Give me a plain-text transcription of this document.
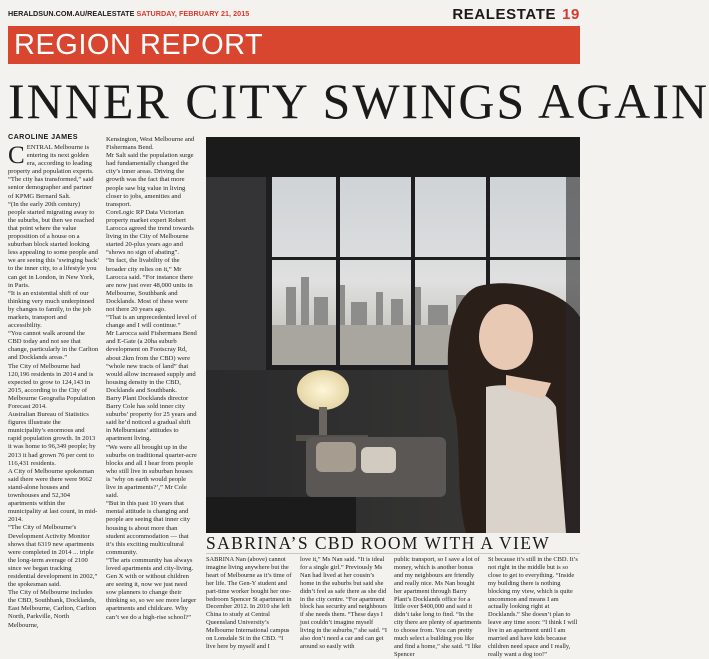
HERALDSUN.COM.AU/REALESTATE SATURDAY, FEBRUARY 21, 2015	REALESTATE 19
REGION REPORT
INNER CITY SWINGS AGAIN
CAROLINE JAMES

CENTRAL Melbourne is entering its next golden era, according to leading property and population experts.

“The city has transformed,” said senior demographer and partner of KPMG Bernard Salt.

“(In the early 20th century) people started migrating away to the suburbs, but then we reached that point where the value proposition of a house on a suburban block started looking less appealing to some people and we are seeing this ‘swinging back’ to the inner city, to a lifestyle you can get in London, in New York, in Paris.

“It is an existential shift of our thinking very much underpinned by changes to family, to the job markets, transport and accessibility.

“You cannot walk around the CBD today and not see that change, particularly in the Carlton and Docklands areas.”

The City of Melbourne had 120,196 residents in 2014 and is expected to grow to 124,143 in 2015, according to the City of Melbourne Geografia Population Forecast 2014.

Australian Bureau of Statistics figures illustrate the municipality’s enormous and rapid population growth. In 2013 it was home to 96,349 people; by 2013 it had grown 76 per cent to 116,431 residents.

A City of Melbourne spokesman said there were there were 9662 stand-alone houses and townhouses and 52,304 apartments within the municipality at last count, in mid-2014.

“The City of Melbourne’s Development Activity Monitor shows that 6319 new apartments were completed in 2014 ... triple the long-term average of 2100 since we began tracking residential development in 2002,” the spokesman said.

The City of Melbourne includes the CBD, Southbank, Docklands, East Melbourne, Carlton, Carlton North, Parkville, North Melbourne,

Kensington, West Melbourne and Fishermans Bend.

Mr Salt said the population surge had fundamentally changed the city’s inner areas. Driving the growth was the fact that more people saw big value in living closer to jobs, amenities and transport.

CoreLogic RP Data Victorian property market expert Robert Larocca agreed the trend towards living in the City of Melbourne started 20-plus years ago and “shows no sign of abating”.

“In fact, the livability of the broader city relies on it,” Mr Larocca said. “For instance there are now just over 48,000 units in Melbourne, Southbank and Docklands. Most of these were not there 20 years ago.

“That is an unprecedented level of change and I will continue.”

Mr Larocca said Fishermans Bend and E-Gate (a 20ha suburb development on Footscray Rd, about 2km from the CBD) were “whole new tracts of land” that would allow increased supply and housing density in the CBD, Docklands and Southbank.

Barry Plant Docklands director Barry Cole has sold inner city suburbs’ property for 25 years and said he’d noticed a gradual shift in Melburnians’ attitudes to apartment living.

“We were all brought up in the suburbs on traditional quarter-acre blocks and all I hear from people who still live in suburban houses is ‘why on earth would people live in apartments?’,” Mr Cole said.

“But in this past 10 years that mental attitude is changing and people are seeing that inner city housing is about more than student accommodation — that it’s this exciting multicultural community.

“The arts community has always loved apartments and city-living. Gen X with or without children are seeing it, now we just need sow planners to change their thinking so, so we see more larger apartments and childcare. Why can’t we do a high-rise school?”

SABRINA’S CBD ROOM WITH A VIEW
SABRINA Nan (above) cannot imagine living anywhere but the heart of Melbourne as it’s time of her life. The Gen-Y student and part-time worker bought her one-bedroom Spencer St apartment in December 2012. In 2010 she left China to study at Central Queensland University’s Melbourne International campus on Lonsdale St in the CBD. “I live here by myself and I
love it,” Ms Nan said. “It is ideal for a single girl.” Previously Ms Nan had lived at her cousin’s home in the suburbs but said she didn’t feel as safe there as she did in the city centre. “For apartment block has security and neighbours if she needs them. “These days I just couldn’t imagine myself living in the suburbs,” she said. “I also don’t need a car and can get around so easily with
public transport, so I save a lot of money, which is another bonus and my neighbours are friendly and really nice. Ms Nan bought her apartment through Barry Plant’s Docklands office for a little over $400,000 and said it didn’t take long to find. “In the city there are plenty of apartments to choose from. You can pretty much select a building you like and find a home,” she said. “I like Spencer
St because it’s still in the CBD. It’s not right in the middle but is so close to get to everything. “Inside my building there is nothing blocking my view, which is quite uncommon and means I am actually looking right at Docklands.” She doesn’t plan to leave any time soon: “I think I will live in an apartment until I am married and have kids because children need space and I really, really want a dog too!”
